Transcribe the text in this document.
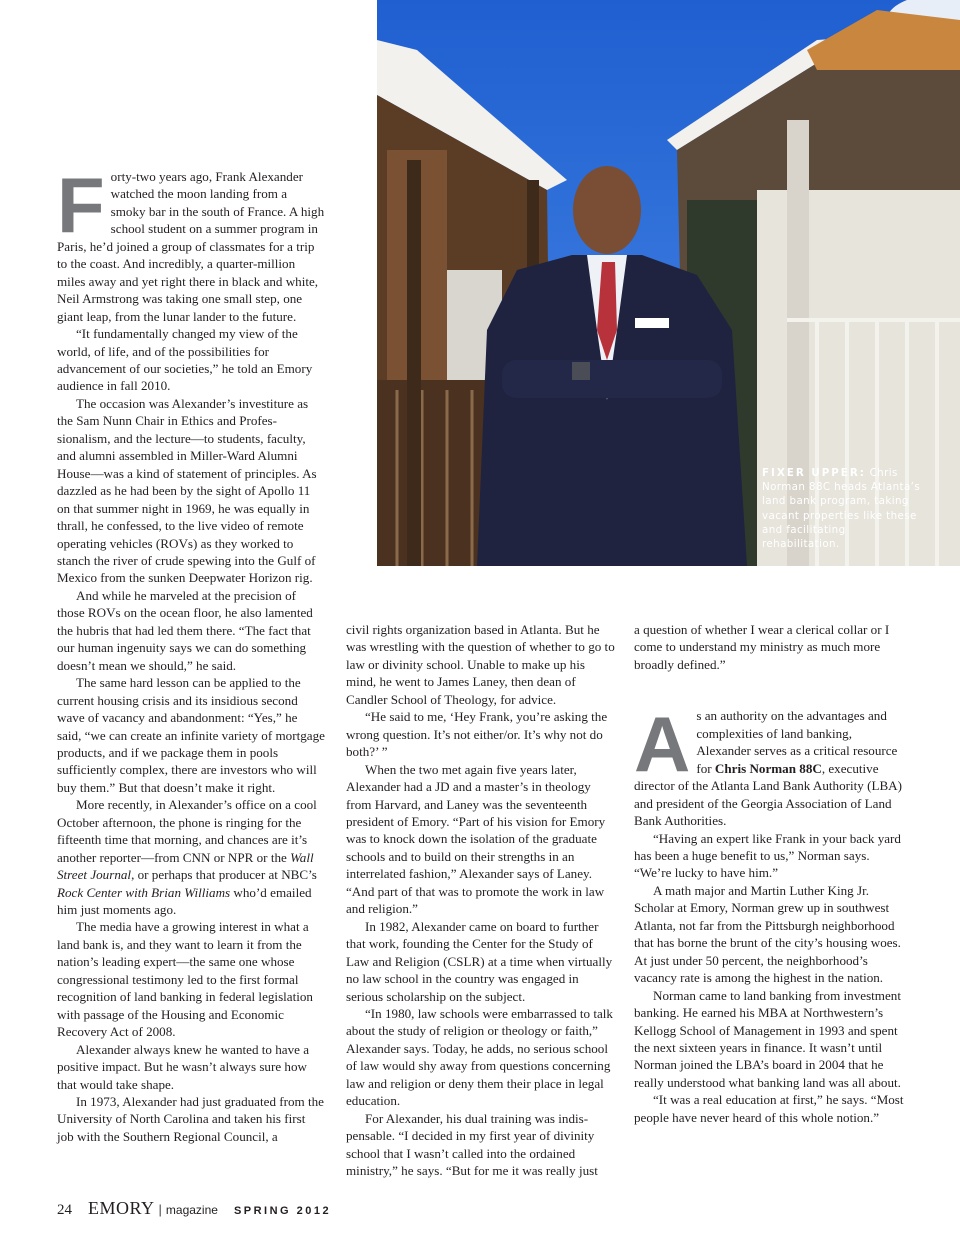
FIXER UPPER: Chris Norman 88C heads Atlanta’s land bank program, taking vacant properties like these and facilitating rehabilitation.

Forty-two years ago, Frank Alexander watched the moon landing from a smoky bar in the south of France. A high school student on a summer program in Paris, he’d joined a group of classmates for a trip to the coast. And incredibly, a quarter-million miles away and yet right there in black and white, Neil Armstrong was taking one small step, one giant leap, from the lunar lander to the future.

“It fundamentally changed my view of the world, of life, and of the possibilities for advancement of our societies,” he told an Emory audience in fall 2010.

The occasion was Alexander’s investiture as the Sam Nunn Chair in Ethics and Professionalism, and the lecture—to students, faculty, and alumni assembled in Miller-Ward Alumni House—was a kind of statement of principles. As dazzled as he had been by the sight of Apollo 11 on that summer night in 1969, he was equally in thrall, he confessed, to the live video of remote operating vehicles (ROVs) as they worked to stanch the river of crude spewing into the Gulf of Mexico from the sunken Deepwater Horizon rig.

And while he marveled at the precision of those ROVs on the ocean floor, he also lamented the hubris that had led them there. “The fact that our human ingenuity says we can do something doesn’t mean we should,” he said.

The same hard lesson can be applied to the current housing crisis and its insidious second wave of vacancy and abandonment: “Yes,” he said, “we can create an infinite variety of mortgage products, and if we package them in pools sufficiently complex, there are investors who will buy them.” But that doesn’t make it right.

More recently, in Alexander’s office on a cool October afternoon, the phone is ringing for the fifteenth time that morning, and chances are it’s another reporter—from CNN or NPR or the Wall Street Journal, or perhaps that producer at NBC’s Rock Center with Brian Williams who’d emailed him just moments ago.

The media have a growing interest in what a land bank is, and they want to learn it from the nation’s leading expert—the same one whose congressional testimony led to the first formal recognition of land banking in federal legislation with passage of the Housing and Economic Recovery Act of 2008.

Alexander always knew he wanted to have a positive impact. But he wasn’t always sure how that would take shape.

In 1973, Alexander had just graduated from the University of North Carolina and taken his first job with the Southern Regional Council, a

civil rights organization based in Atlanta. But he was wrestling with the question of whether to go to law or divinity school. Unable to make up his mind, he went to James Laney, then dean of Candler School of Theology, for advice.

“He said to me, ‘Hey Frank, you’re asking the wrong question. It’s not either/or. It’s why not do both?’ ”

When the two met again five years later, Alexander had a JD and a master’s in theology from Harvard, and Laney was the seventeenth president of Emory. “Part of his vision for Emory was to knock down the isolation of the graduate schools and to build on their strengths in an interrelated fashion,” Alexander says of Laney. “And part of that was to promote the work in law and religion.”

In 1982, Alexander came on board to further that work, founding the Center for the Study of Law and Religion (CSLR) at a time when virtually no law school in the country was engaged in serious scholarship on the subject.

“In 1980, law schools were embarrassed to talk about the study of religion or theology or faith,” Alexander says. Today, he adds, no serious school of law would shy away from questions concerning law and religion or deny them their place in legal education.

For Alexander, his dual training was indispensable. “I decided in my first year of divinity school that I wasn’t called into the ordained ministry,” he says. “But for me it was really just

a question of whether I wear a clerical collar or I come to understand my ministry as much more broadly defined.”

As an authority on the advantages and complexities of land banking, Alexander serves as a critical resource for Chris Norman 88C, executive director of the Atlanta Land Bank Authority (LBA) and president of the Georgia Association of Land Bank Authorities.

“Having an expert like Frank in your back yard has been a huge benefit to us,” Norman says. “We’re lucky to have him.”

A math major and Martin Luther King Jr. Scholar at Emory, Norman grew up in southwest Atlanta, not far from the Pittsburgh neighborhood that has borne the brunt of the city’s housing woes. At just under 50 percent, the neighborhood’s vacancy rate is among the highest in the nation.

Norman came to land banking from investment banking. He earned his MBA at Northwestern’s Kellogg School of Management in 1993 and spent the next sixteen years in finance. It wasn’t until Norman joined the LBA’s board in 2004 that he really understood what banking land was all about.

“It was a real education at first,” he says. “Most people have never heard of this whole notion.”

24 EMORY | magazine SPRING 2012
